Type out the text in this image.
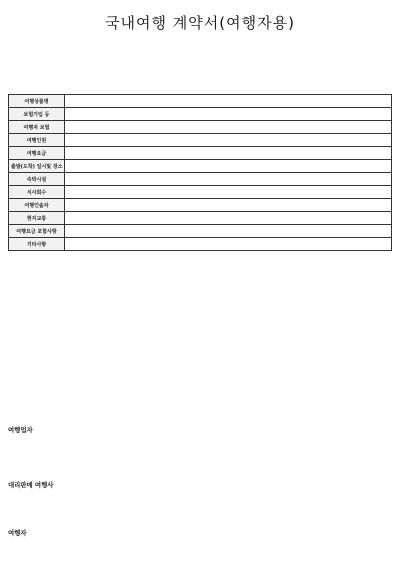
국내여행 계약서(여행자용)
여행상품명	
보험가입 등	
여행자 보험	
여행인원	
여행요금	
출발(도착) 일시및 장소	
숙박시설	
식사회수	
여행인솔자	
현지교통	
여행요금 포함사항	
기타사항	
여행업자
대리판매 여행사
여행자
